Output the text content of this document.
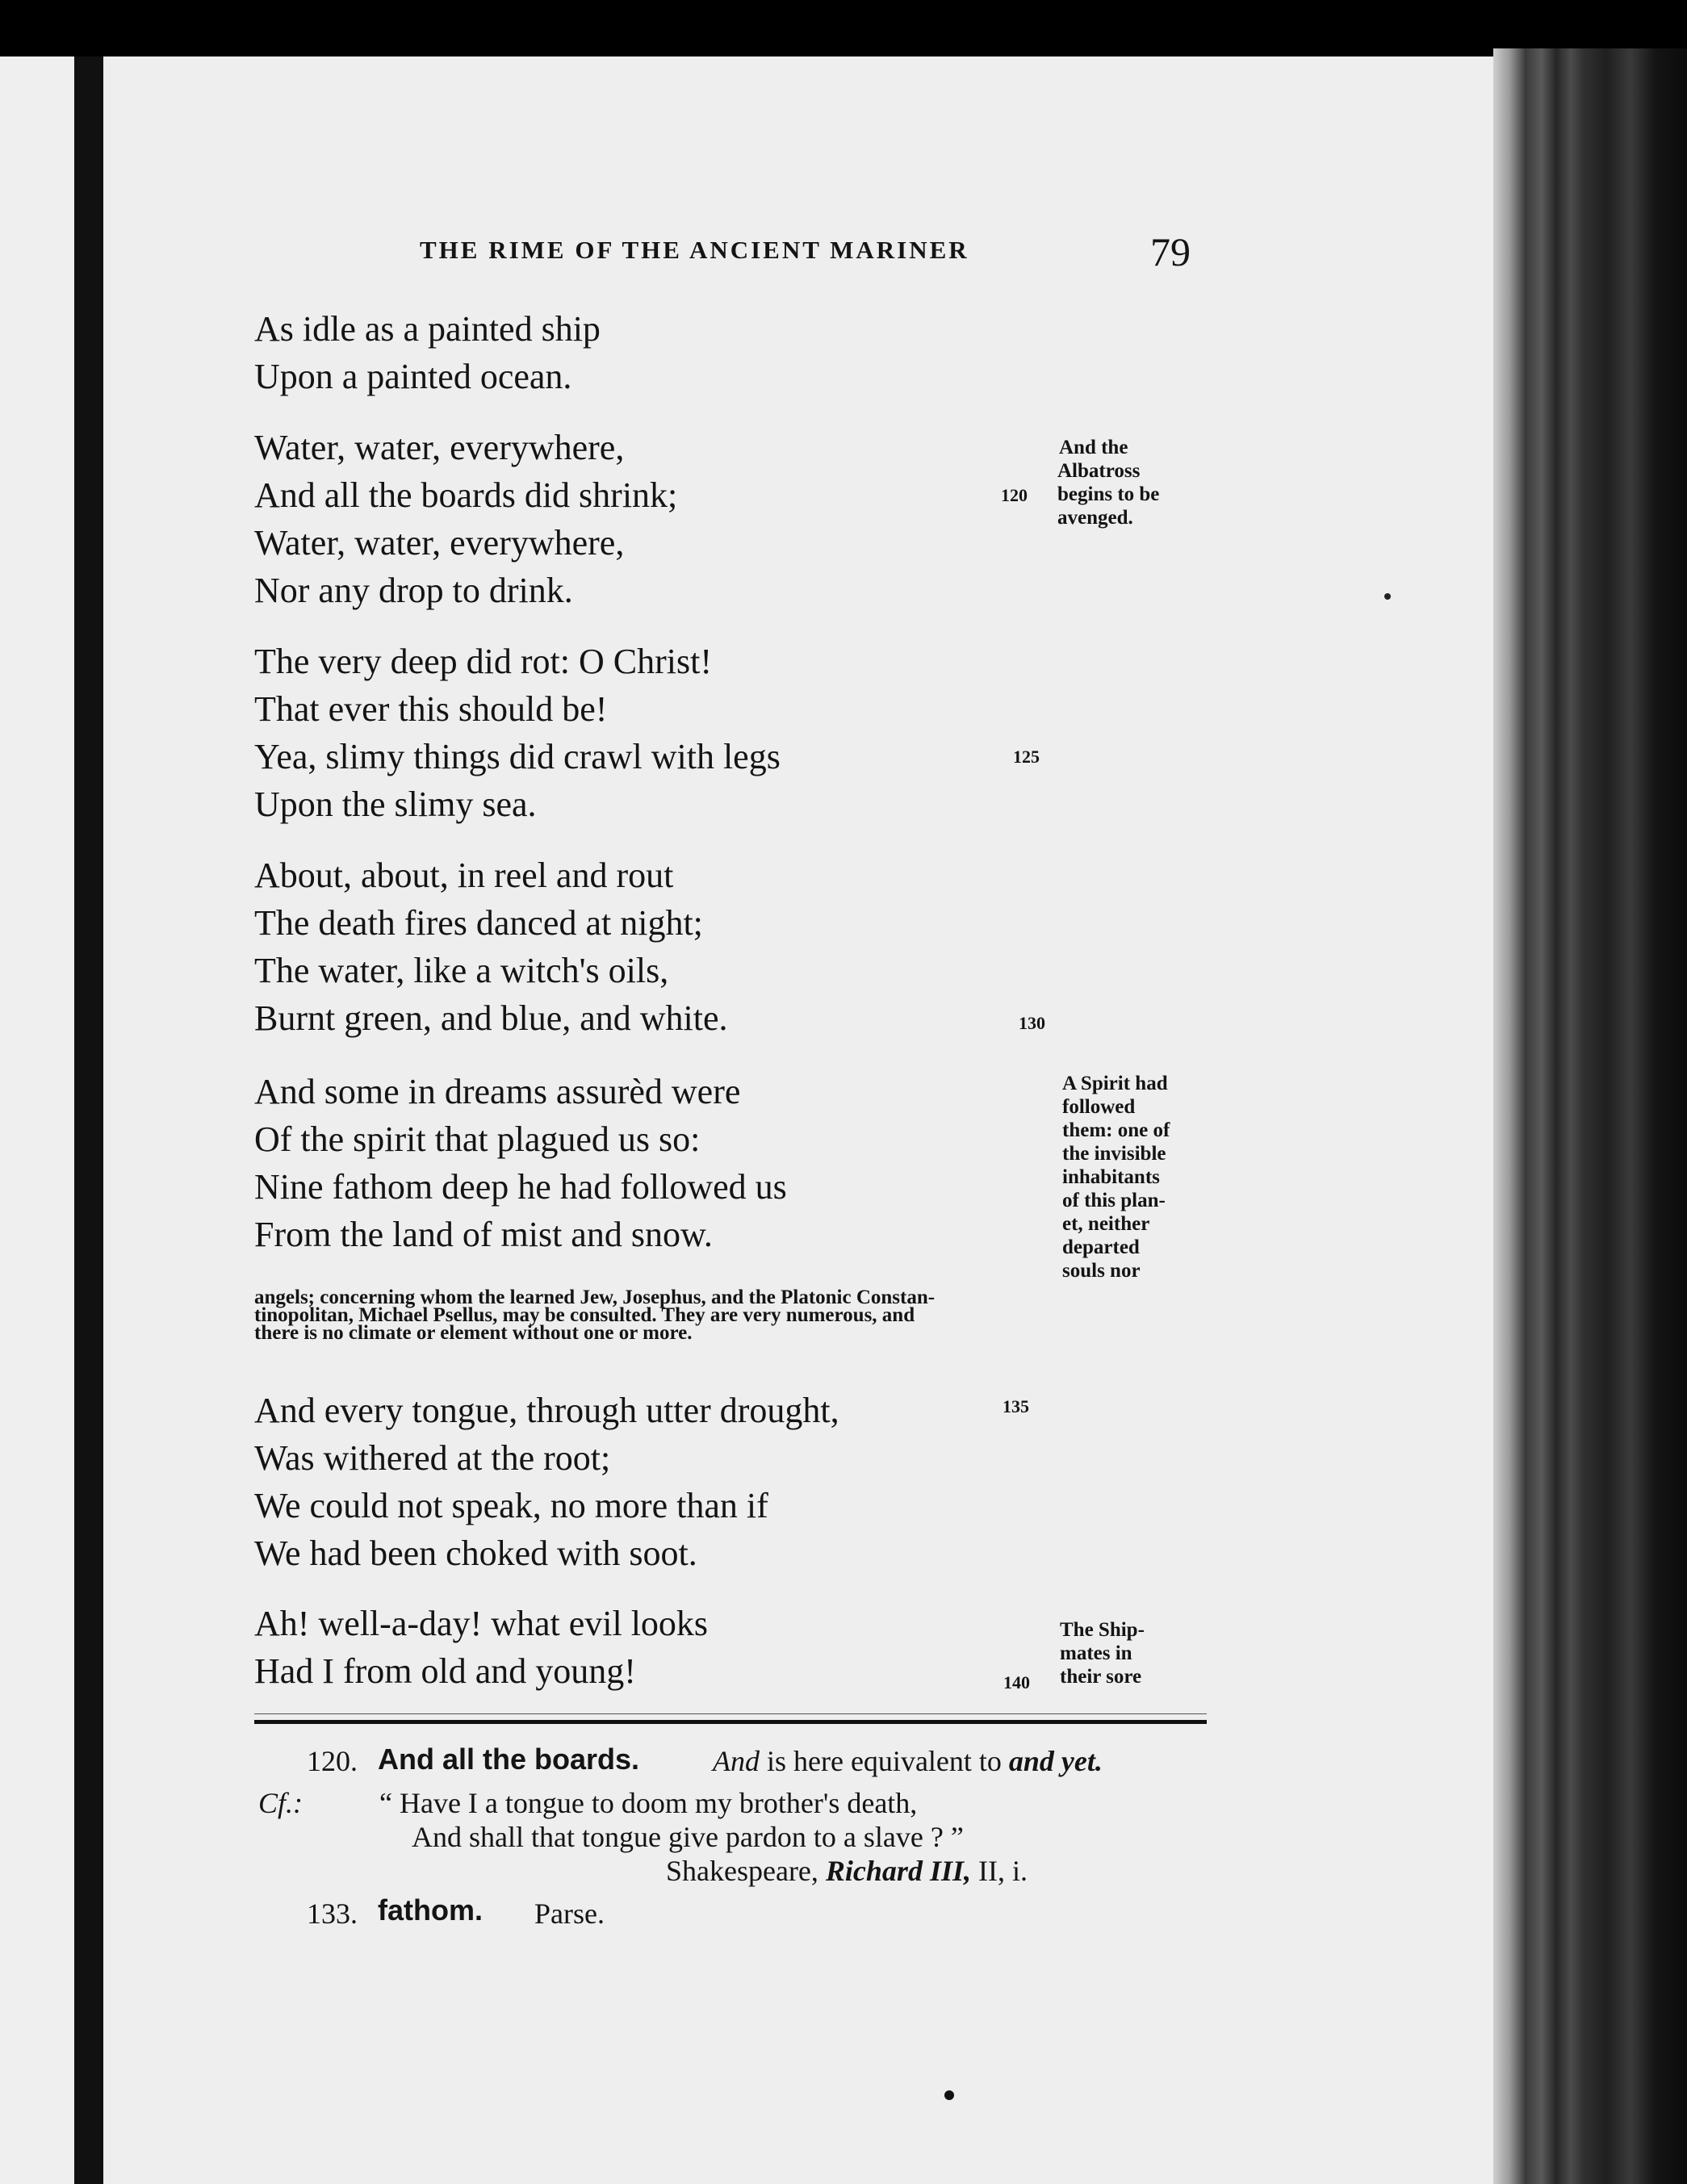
THE RIME OF THE ANCIENT MARINER	79
As idle as a painted ship
Upon a painted ocean.
Water, water, everywhere,
And all the boards did shrink;
Water, water, everywhere,
Nor any drop to drink.
The very deep did rot: O Christ!
That ever this should be!
Yea, slimy things did crawl with legs
Upon the slimy sea.
About, about, in reel and rout
The death fires danced at night;
The water, like a witch's oils,
Burnt green, and blue, and white.
And some in dreams assurèd were
Of the spirit that plagued us so:
Nine fathom deep he had followed us
From the land of mist and snow.
And every tongue, through utter drought,
Was withered at the root;
We could not speak, no more than if
We had been choked with soot.
Ah! well-a-day! what evil looks
Had I from old and young!
120
125
130
135
140
And the
Albatross
begins to be
avenged.
A Spirit had
followed
them: one of
the invisible
inhabitants
of this plan-
et, neither
departed
souls nor
angels; concerning whom the learned Jew, Josephus, and the Platonic Constan-
tinopolitan, Michael Psellus, may be consulted. They are very numerous, and
there is no climate or element without one or more.
The Ship-
mates in
their sore
120. And all the boards.	And is here equivalent to and yet.
Cf.:	“ Have I a tongue to doom my brother's death,
And shall that tongue give pardon to a slave ? ”
Shakespeare, Richard III, II, i.
133. fathom. Parse.
